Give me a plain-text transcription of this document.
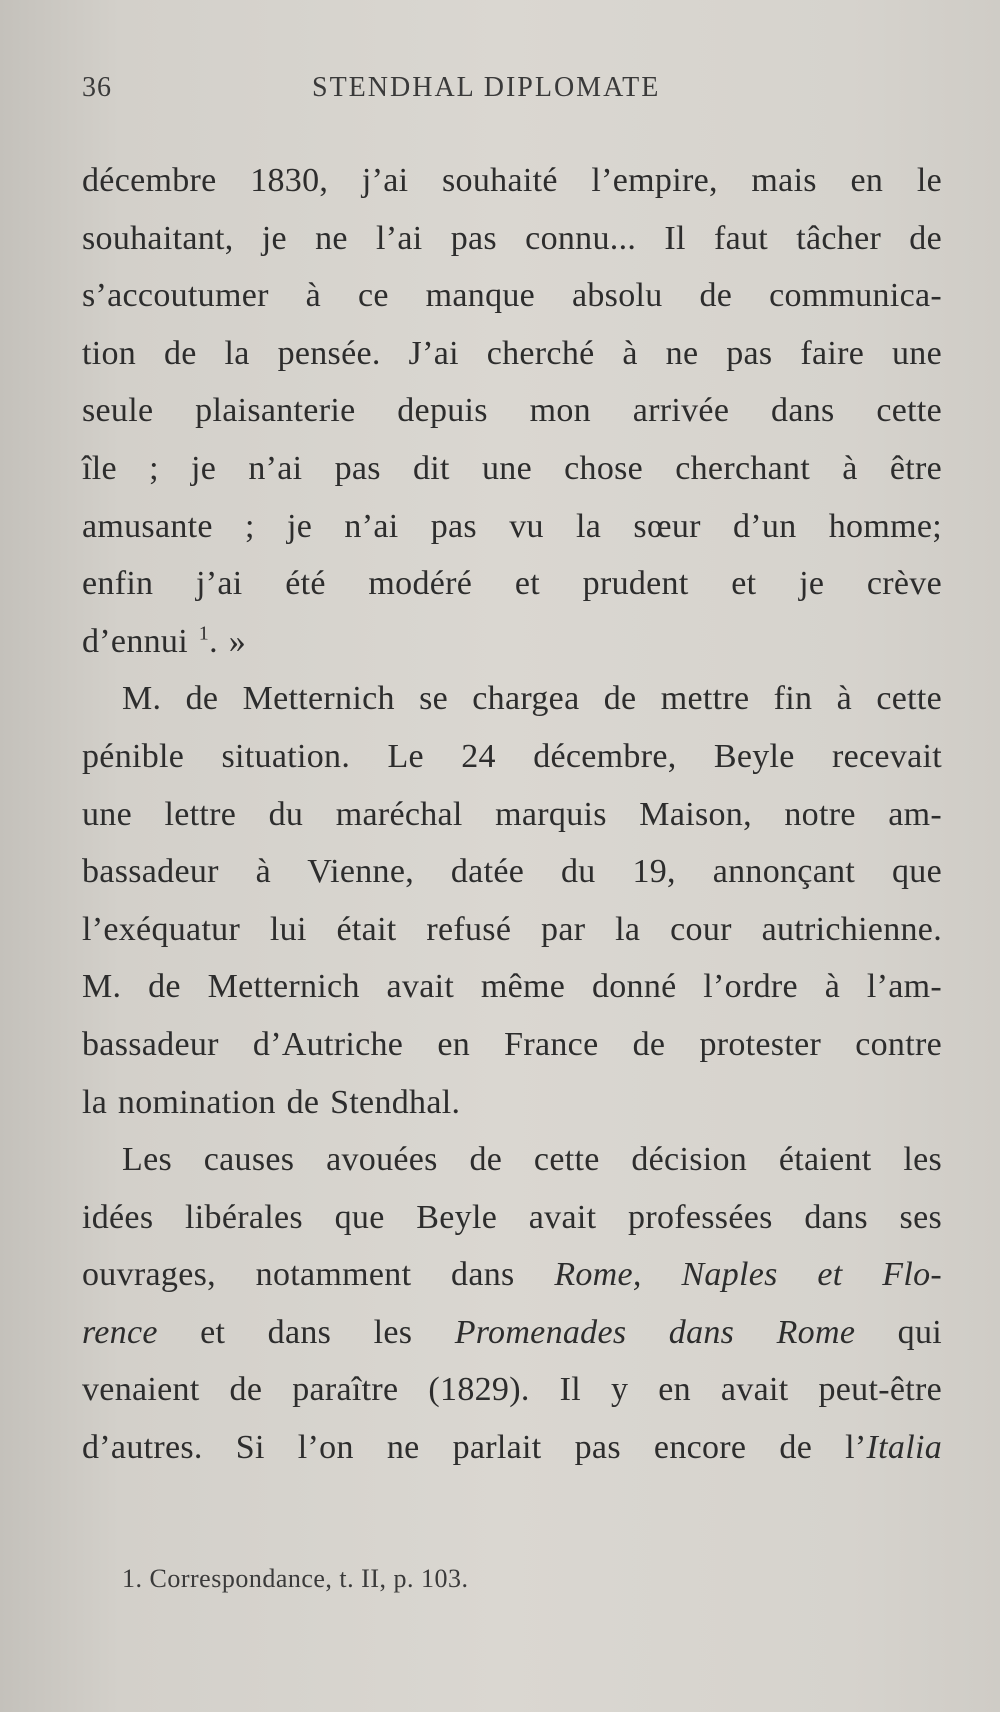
36	STENDHAL DIPLOMATE
décembre 1830, j’ai souhaité l’empire, mais en le
souhaitant, je ne l’ai pas connu... Il faut tâcher de
s’accoutumer à ce manque absolu de communica-
tion de la pensée. J’ai cherché à ne pas faire une
seule plaisanterie depuis mon arrivée dans cette
île ; je n’ai pas dit une chose cherchant à être
amusante ; je n’ai pas vu la sœur d’un homme;
enfin j’ai été modéré et prudent et je crève
d’ennui $^1$. »
M. de Metternich se chargea de mettre fin à cette
pénible situation. Le 24 décembre, Beyle recevait
une lettre du maréchal marquis Maison, notre am-
bassadeur à Vienne, datée du 19, annonçant que
l’exéquatur lui était refusé par la cour autrichienne.
M. de Metternich avait même donné l’ordre à l’am-
bassadeur d’Autriche en France de protester contre
la nomination de Stendhal.
Les causes avouées de cette décision étaient les
idées libérales que Beyle avait professées dans ses
ouvrages, notamment dans Rome, Naples et Flo-
rence et dans les Promenades dans Rome qui
venaient de paraître (1829). Il y en avait peut-être
d’autres. Si l’on ne parlait pas encore de l’Italia
1. Correspondance, t. II, p. 103.
